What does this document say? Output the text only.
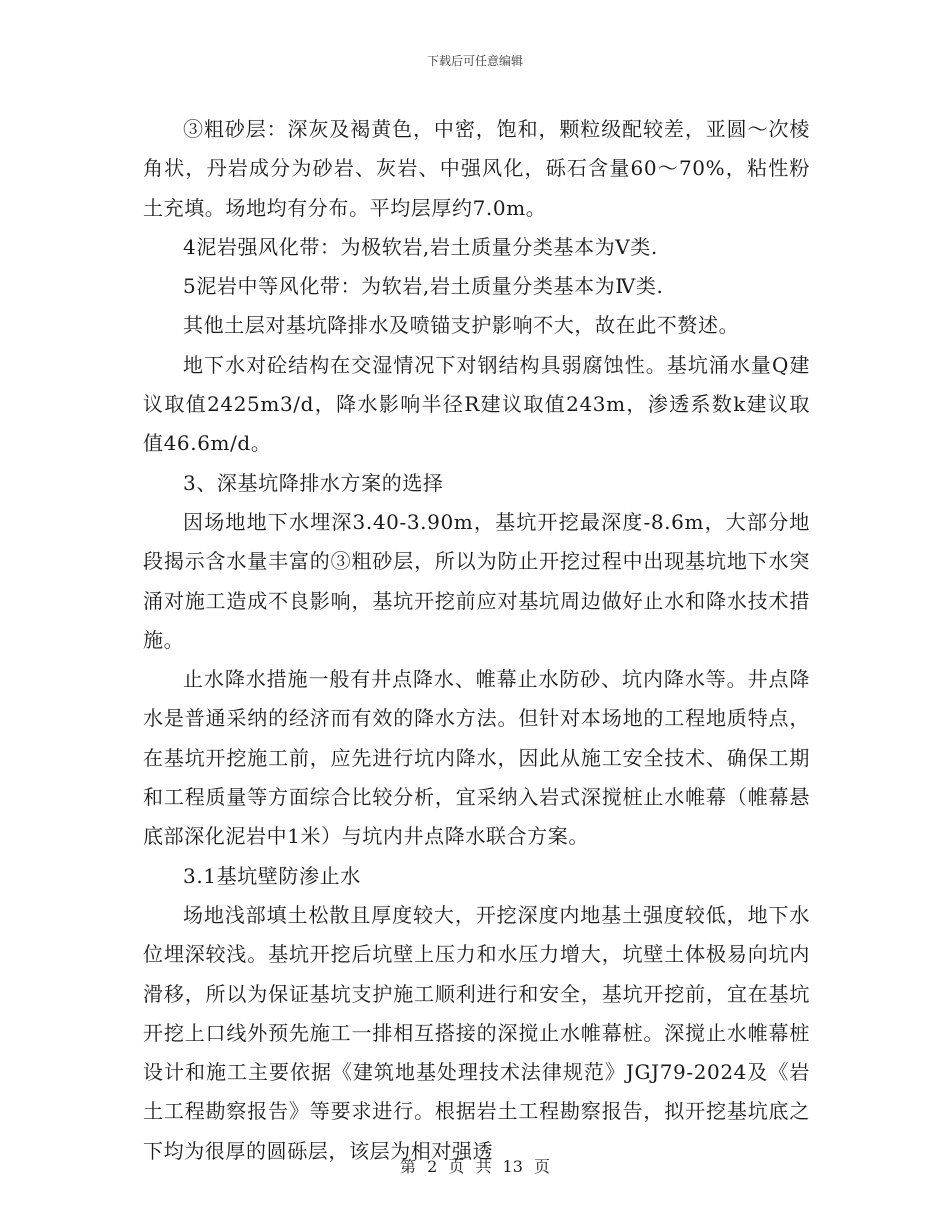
下载后可任意编辑

③粗砂层：深灰及褐黄色，中密，饱和，颗粒级配较差，亚圆～次棱角状，丹岩成分为砂岩、灰岩、中强风化，砾石含量60～70%，粘性粉土充填。场地均有分布。平均层厚约7.0m。

4泥岩强风化带：为极软岩,岩土质量分类基本为Ⅴ类.

5泥岩中等风化带：为软岩,岩土质量分类基本为Ⅳ类.

其他土层对基坑降排水及喷锚支护影响不大，故在此不赘述。

地下水对砼结构在交湿情况下对钢结构具弱腐蚀性。基坑涌水量Q建议取值2425m3/d，降水影响半径R建议取值243m，渗透系数k建议取值46.6m/d。

3、深基坑降排水方案的选择

因场地地下水埋深3.40-3.90m，基坑开挖最深度-8.6m，大部分地段揭示含水量丰富的③粗砂层，所以为防止开挖过程中出现基坑地下水突涌对施工造成不良影响，基坑开挖前应对基坑周边做好止水和降水技术措施。

止水降水措施一般有井点降水、帷幕止水防砂、坑内降水等。井点降水是普通采纳的经济而有效的降水方法。但针对本场地的工程地质特点，在基坑开挖施工前，应先进行坑内降水，因此从施工安全技术、确保工期和工程质量等方面综合比较分析，宜采纳入岩式深搅桩止水帷幕（帷幕悬底部深化泥岩中1米）与坑内井点降水联合方案。

3.1基坑壁防渗止水

场地浅部填土松散且厚度较大，开挖深度内地基土强度较低，地下水位埋深较浅。基坑开挖后坑壁上压力和水压力增大，坑壁土体极易向坑内滑移，所以为保证基坑支护施工顺利进行和安全，基坑开挖前，宜在基坑开挖上口线外预先施工一排相互搭接的深搅止水帷幕桩。深搅止水帷幕桩设计和施工主要依据《建筑地基处理技术法律规范》JGJ79-2024及《岩土工程勘察报告》等要求进行。根据岩土工程勘察报告，拟开挖基坑底之下均为很厚的圆砾层，该层为相对强透

第 2 页 共 13 页
